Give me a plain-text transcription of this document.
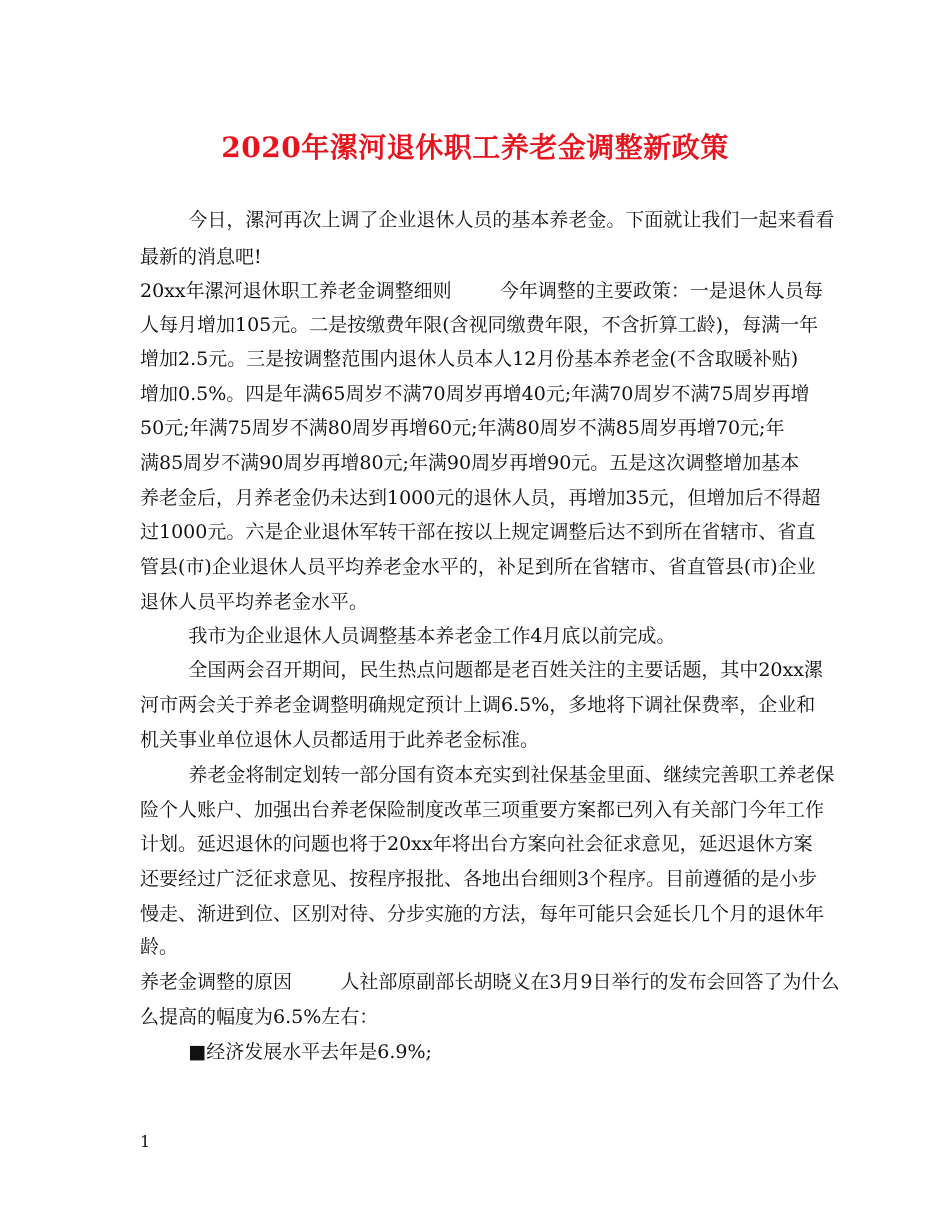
2020年漯河退休职工养老金调整新政策

今日，漯河再次上调了企业退休人员的基本养老金。下面就让我们一起来看看

最新的消息吧!

20xx年漯河退休职工养老金调整细则        今年调整的主要政策：一是退休人员每

人每月增加105元。二是按缴费年限(含视同缴费年限，不含折算工龄)，每满一年

增加2.5元。三是按调整范围内退休人员本人12月份基本养老金(不含取暖补贴)

增加0.5%。四是年满65周岁不满70周岁再增40元;年满70周岁不满75周岁再增

50元;年满75周岁不满80周岁再增60元;年满80周岁不满85周岁再增70元;年

满85周岁不满90周岁再增80元;年满90周岁再增90元。五是这次调整增加基本

养老金后，月养老金仍未达到1000元的退休人员，再增加35元，但增加后不得超

过1000元。六是企业退休军转干部在按以上规定调整后达不到所在省辖市、省直

管县(市)企业退休人员平均养老金水平的，补足到所在省辖市、省直管县(市)企业

退休人员平均养老金水平。

我市为企业退休人员调整基本养老金工作4月底以前完成。

全国两会召开期间，民生热点问题都是老百姓关注的主要话题，其中20xx漯

河市两会关于养老金调整明确规定预计上调6.5%，多地将下调社保费率，企业和

机关事业单位退休人员都适用于此养老金标准。

养老金将制定划转一部分国有资本充实到社保基金里面、继续完善职工养老保

险个人账户、加强出台养老保险制度改革三项重要方案都已列入有关部门今年工作

计划。延迟退休的问题也将于20xx年将出台方案向社会征求意见，延迟退休方案

还要经过广泛征求意见、按程序报批、各地出台细则3个程序。目前遵循的是小步

慢走、渐进到位、区别对待、分步实施的方法，每年可能只会延长几个月的退休年

龄。

养老金调整的原因        人社部原副部长胡晓义在3月9日举行的发布会回答了为什么

么提高的幅度为6.5%左右：

■经济发展水平去年是6.9%;

1
